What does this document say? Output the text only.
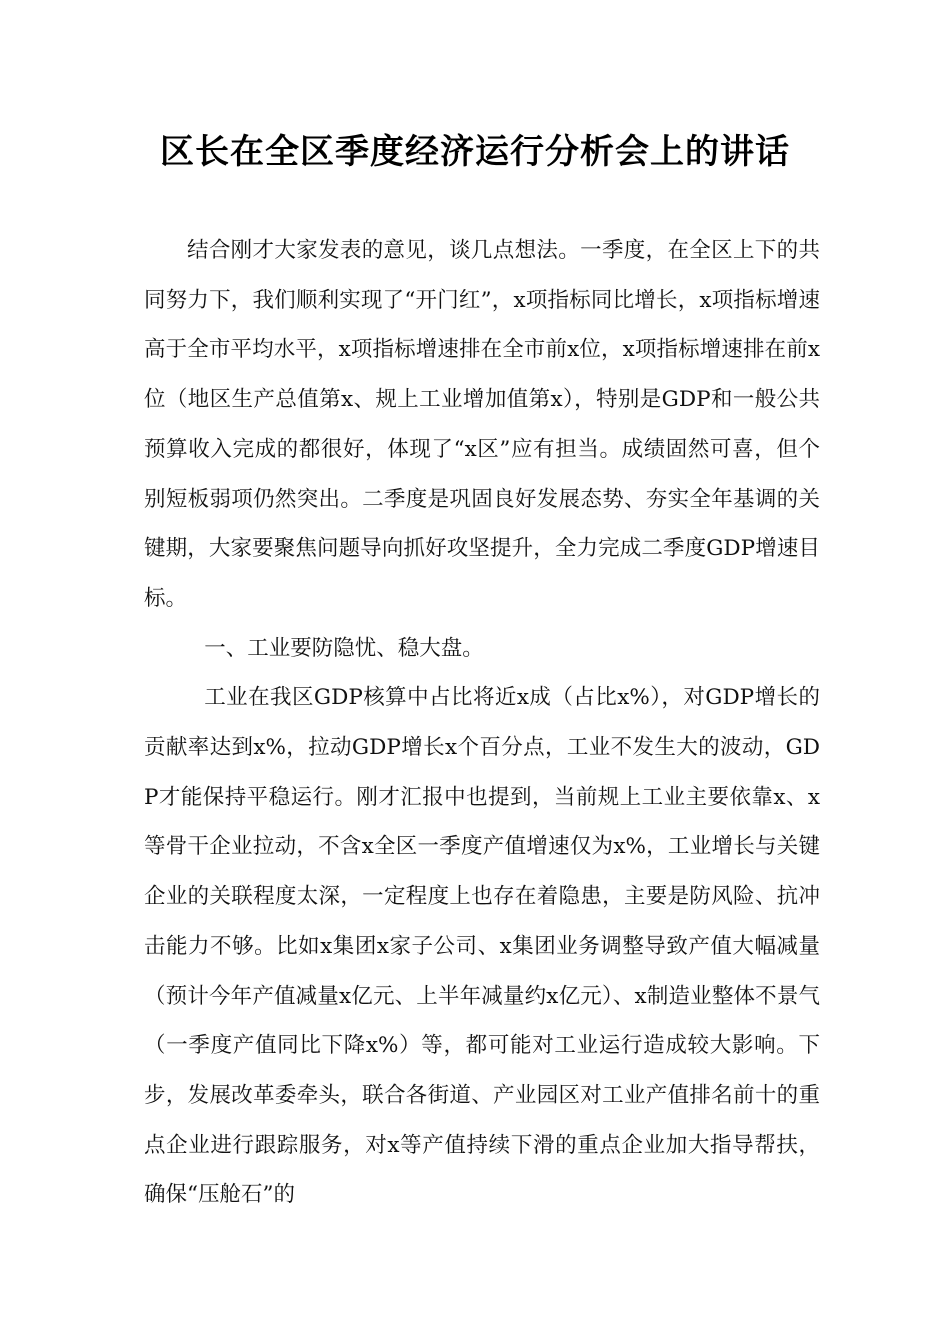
区长在全区季度经济运行分析会上的讲话

结合刚才大家发表的意见，谈几点想法。一季度，在全区上下的共同努力下，我们顺利实现了“开门红”，x项指标同比增长，x项指标增速高于全市平均水平，x项指标增速排在全市前x位，x项指标增速排在前x位（地区生产总值第x、规上工业增加值第x），特别是GDP和一般公共预算收入完成的都很好，体现了“x区”应有担当。成绩固然可喜，但个别短板弱项仍然突出。二季度是巩固良好发展态势、夯实全年基调的关键期，大家要聚焦问题导向抓好攻坚提升，全力完成二季度GDP增速目标。

一、工业要防隐忧、稳大盘。

工业在我区GDP核算中占比将近x成（占比x%），对GDP增长的贡献率达到x%，拉动GDP增长x个百分点，工业不发生大的波动，GDP才能保持平稳运行。刚才汇报中也提到，当前规上工业主要依靠x、x等骨干企业拉动，不含x全区一季度产值增速仅为x%，工业增长与关键企业的关联程度太深，一定程度上也存在着隐患，主要是防风险、抗冲击能力不够。比如x集团x家子公司、x集团业务调整导致产值大幅减量（预计今年产值减量x亿元、上半年减量约x亿元）、x制造业整体不景气（一季度产值同比下降x%）等，都可能对工业运行造成较大影响。下步，发展改革委牵头，联合各街道、产业园区对工业产值排名前十的重点企业进行跟踪服务，对x等产值持续下滑的重点企业加大指导帮扶，确保“压舱石”的
